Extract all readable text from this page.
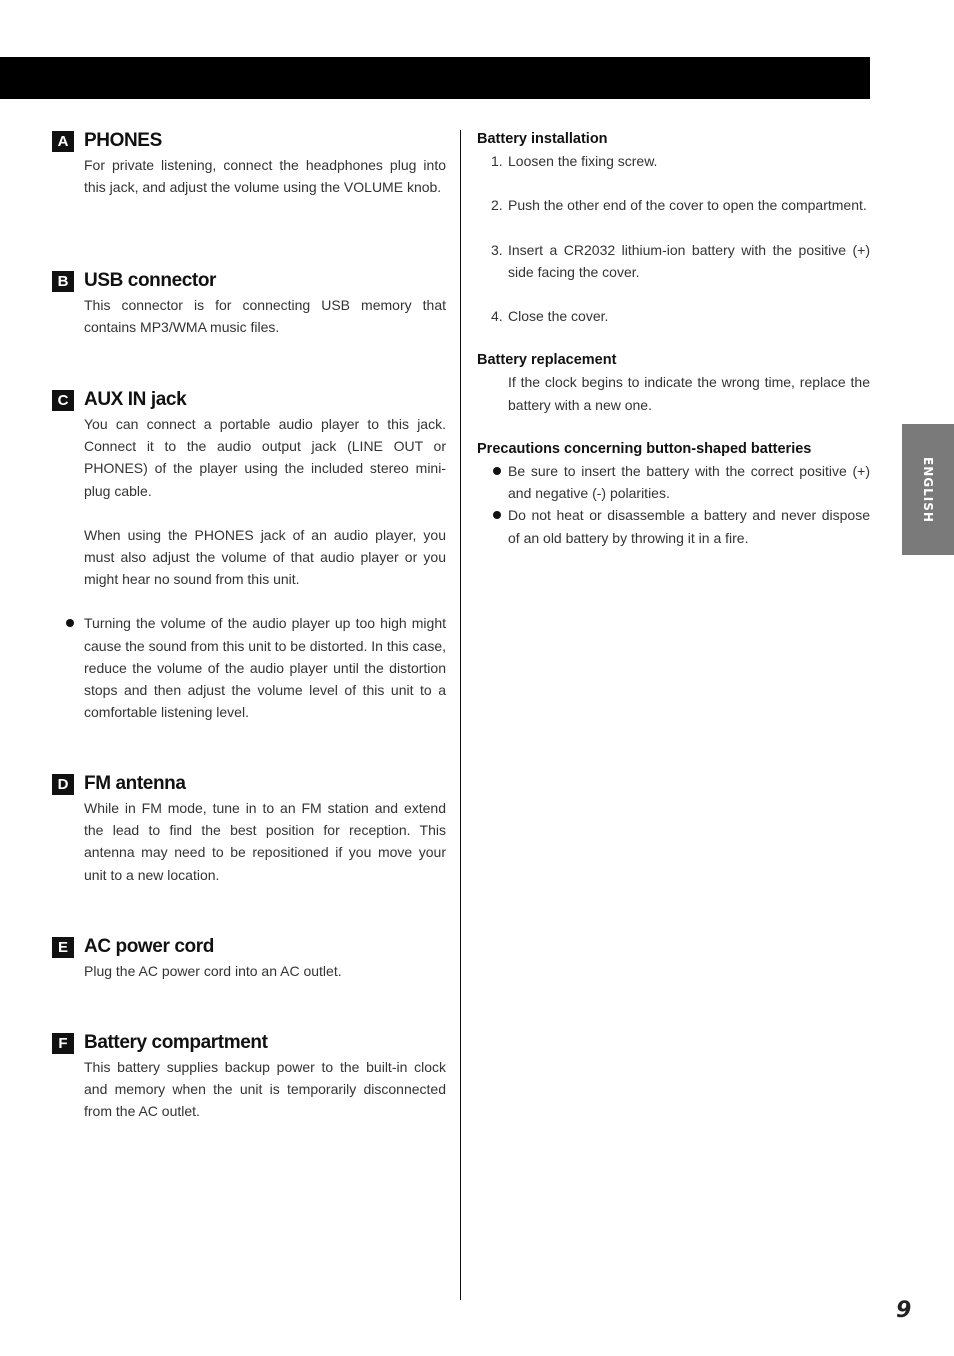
A PHONES

For private listening, connect the headphones plug into this jack, and adjust the volume using the VOLUME knob.

B USB connector

This connector is for connecting USB memory that contains MP3/WMA music files.

C AUX IN jack

You can connect a portable audio player to this jack. Connect it to the audio output jack (LINE OUT or PHONES) of the player using the included stereo mini-plug cable.

When using the PHONES jack of an audio player, you must also adjust the volume of that audio player or you might hear no sound from this unit.

Turning the volume of the audio player up too high might cause the sound from this unit to be distorted. In this case, reduce the volume of the audio player until the distortion stops and then adjust the volume level of this unit to a comfortable listening level.

D FM antenna

While in FM mode, tune in to an FM station and extend the lead to find the best position for reception. This antenna may need to be repositioned if you move your unit to a new location.

E AC power cord

Plug the AC power cord into an AC outlet.

F Battery compartment

This battery supplies backup power to the built-in clock and memory when the unit is temporarily disconnected from the AC outlet.

Battery installation
1. Loosen the fixing screw.
2. Push the other end of the cover to open the compartment.
3. Insert a CR2032 lithium-ion battery with the positive (+) side facing the cover.
4. Close the cover.
Battery replacement
If the clock begins to indicate the wrong time, replace the battery with a new one.
Precautions concerning button-shaped batteries
Be sure to insert the battery with the correct positive (+) and negative (-) polarities.
Do not heat or disassemble a battery and never dispose of an old battery by throwing it in a fire.
ENGLISH
9
